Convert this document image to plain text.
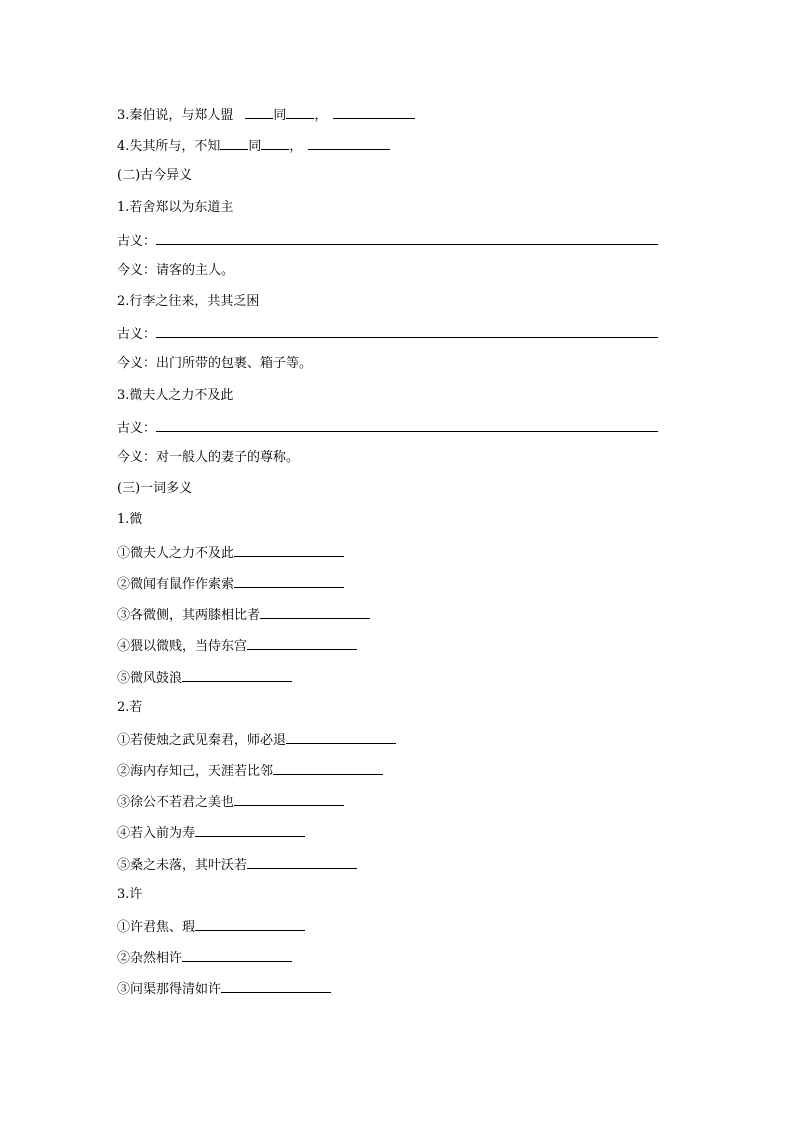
3.秦伯说，与郑人盟	同 ，
4.失其所与，不知 同 ，
(二)古今异义
1.若舍郑以为东道主
古义：
今义：请客的主人。
2.行李之往来，共其乏困
古义：
今义：出门所带的包裹、箱子等。
3.微夫人之力不及此
古义：
今义：对一般人的妻子的尊称。
(三)一词多义
1.微
①微夫人之力不及此
②微闻有鼠作作索索
③各微侧，其两膝相比者
④猥以微贱，当侍东宫
⑤微风鼓浪
2.若
①若使烛之武见秦君，师必退
②海内存知己，天涯若比邻
③徐公不若君之美也
④若入前为寿
⑤桑之未落，其叶沃若
3.许
①许君焦、瑕
②杂然相许
③问渠那得清如许
